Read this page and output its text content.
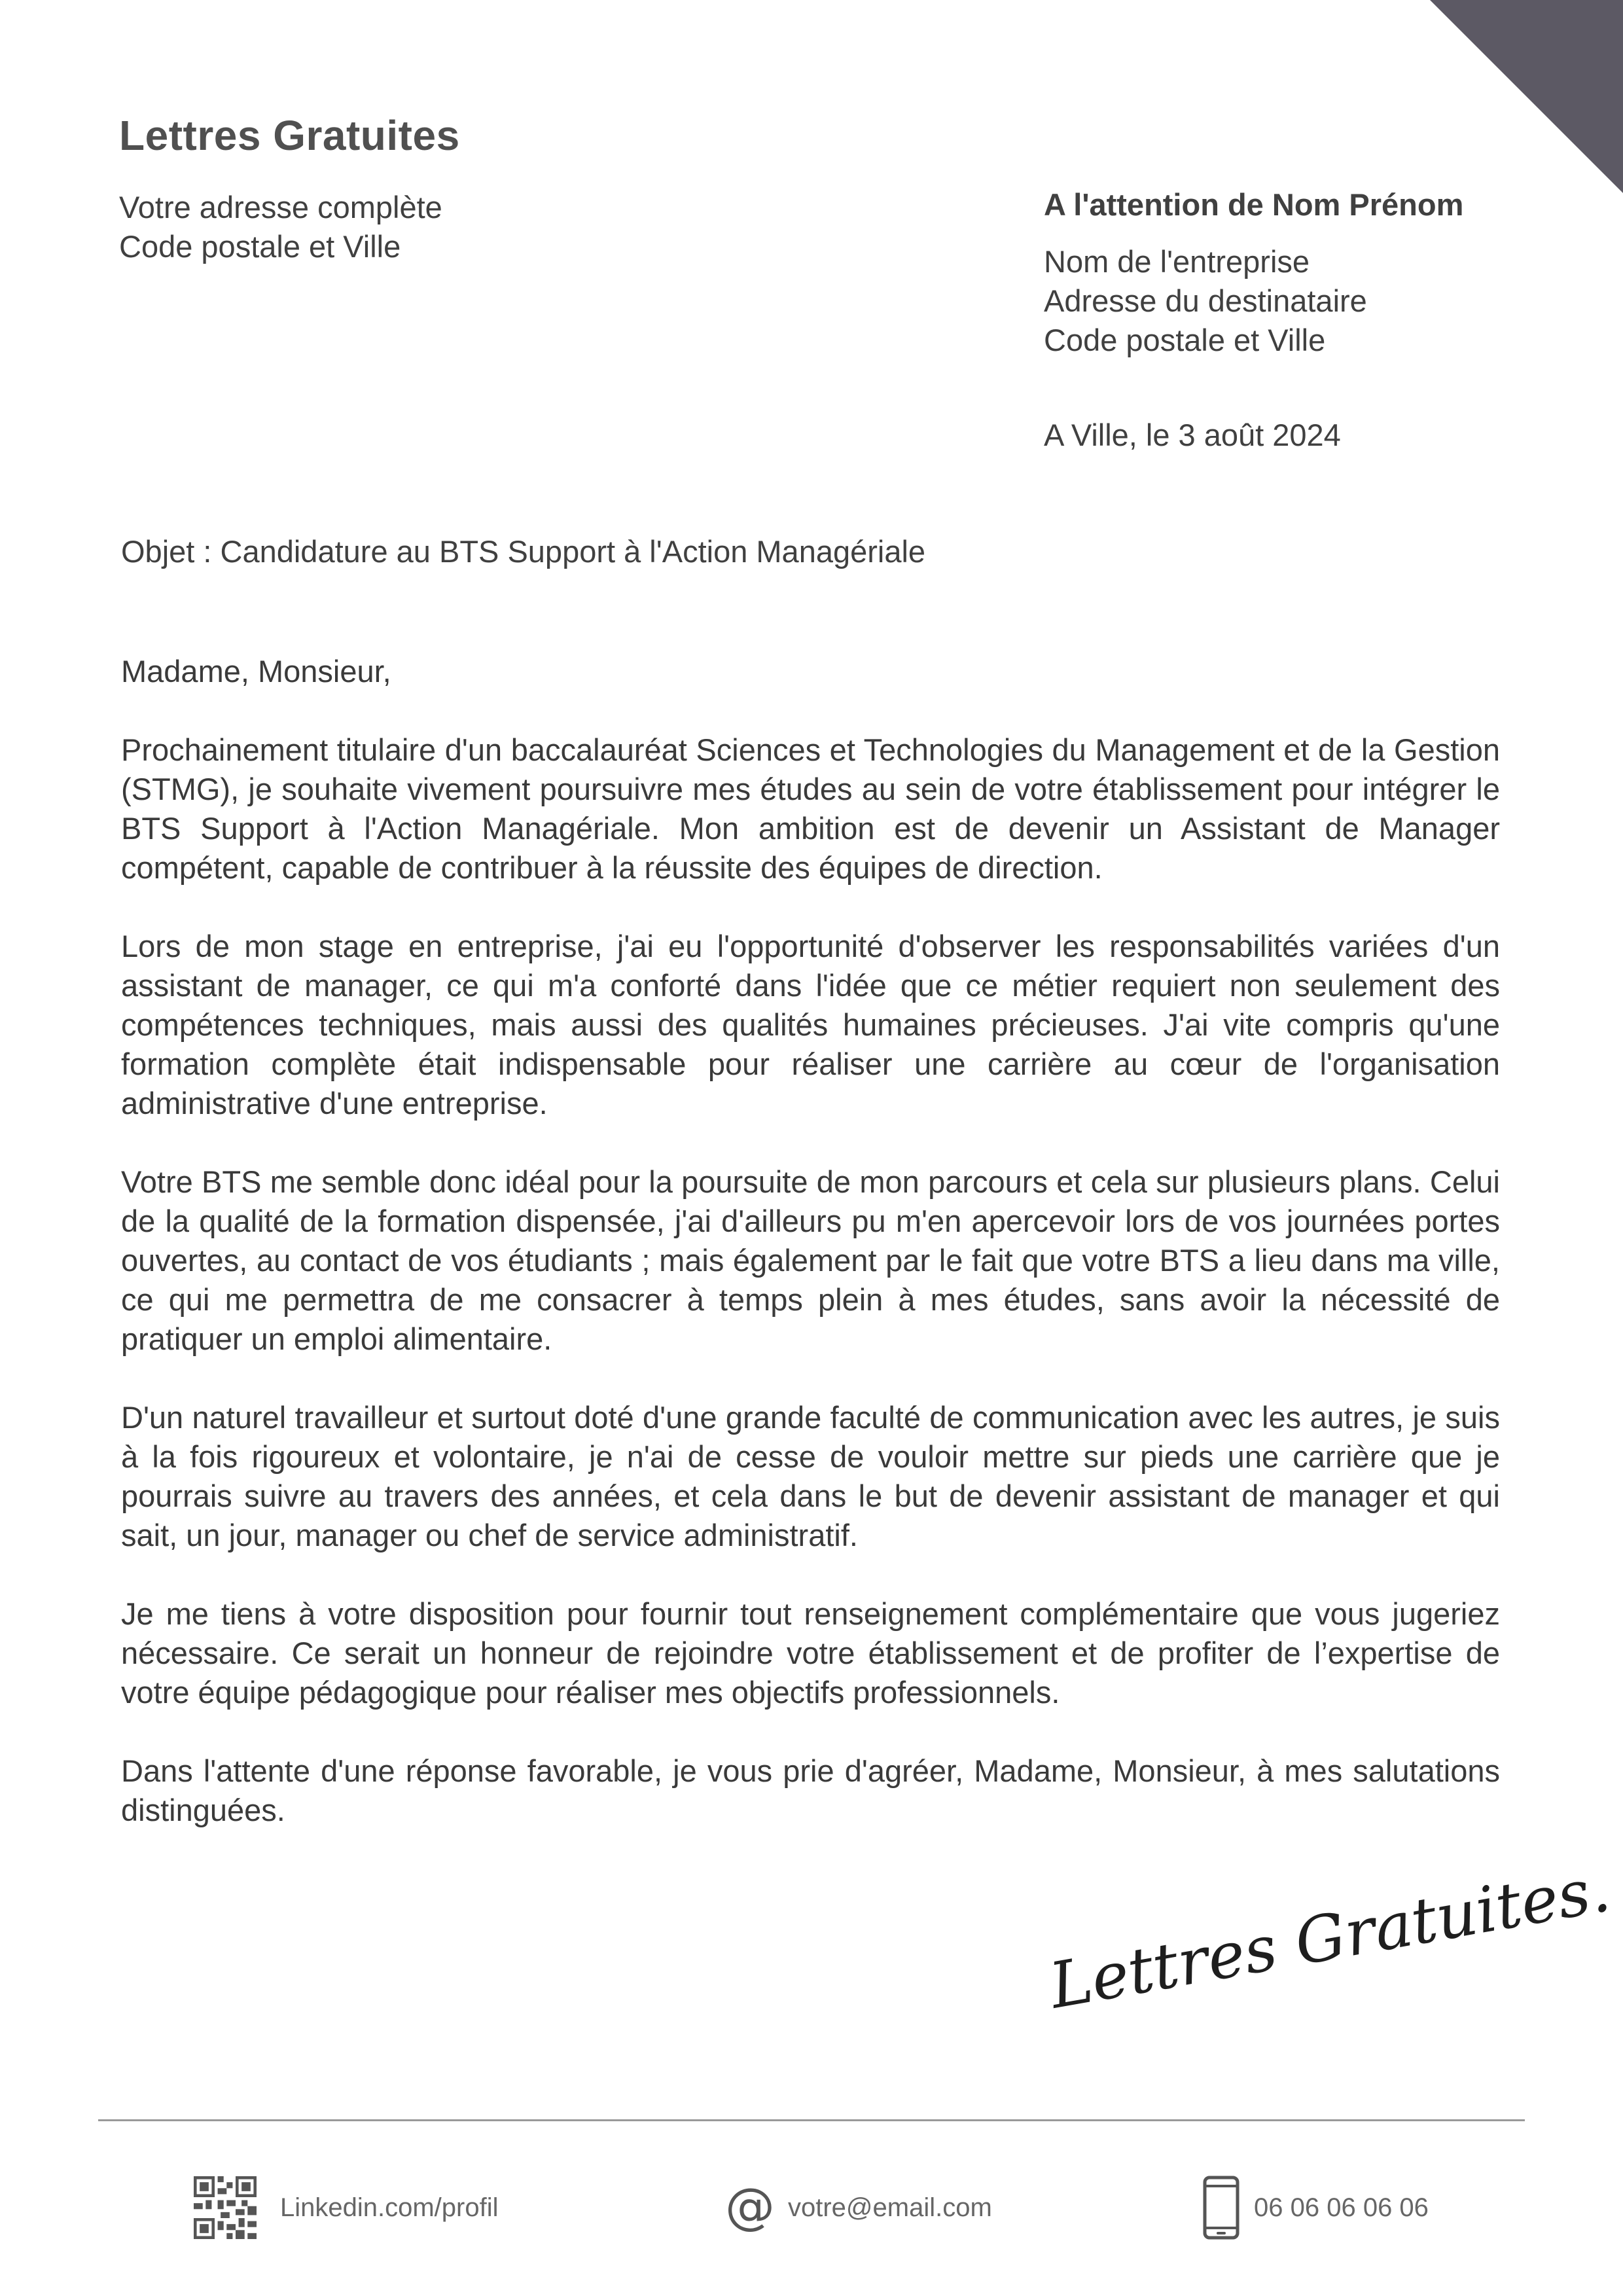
Lettres Gratuites
Votre adresse complète
Code postale et Ville
A l'attention de Nom Prénom
Nom de l'entreprise
Adresse du destinataire
Code postale et Ville
A Ville, le 3 août 2024
Objet : Candidature au BTS Support à l'Action Managériale

Madame, Monsieur,

Prochainement titulaire d'un baccalauréat Sciences et Technologies du Management et de la Gestion (STMG), je souhaite vivement poursuivre mes études au sein de votre établissement pour intégrer le BTS Support à l'Action Managériale. Mon ambition est de devenir un Assistant de Manager compétent, capable de contribuer à la réussite des équipes de direction.

Lors de mon stage en entreprise, j'ai eu l'opportunité d'observer les responsabilités variées d'un assistant de manager, ce qui m'a conforté dans l'idée que ce métier requiert non seulement des compétences techniques, mais aussi des qualités humaines précieuses. J'ai vite compris qu'une formation complète était indispensable pour réaliser une carrière au cœur de l'organisation administrative d'une entreprise.

Votre BTS me semble donc idéal pour la poursuite de mon parcours et cela sur plusieurs plans. Celui de la qualité de la formation dispensée, j'ai d'ailleurs pu m'en apercevoir lors de vos journées portes ouvertes, au contact de vos étudiants ; mais également par le fait que votre BTS a lieu dans ma ville, ce qui me permettra de me consacrer à temps plein à mes études, sans avoir la nécessité de pratiquer un emploi alimentaire.

D'un naturel travailleur et surtout doté d'une grande faculté de communication avec les autres, je suis à la fois rigoureux et volontaire, je n'ai de cesse de vouloir mettre sur pieds une carrière que je pourrais suivre au travers des années, et cela dans le but de devenir assistant de manager et qui sait, un jour, manager ou chef de service administratif.

Je me tiens à votre disposition pour fournir tout renseignement complémentaire que vous jugeriez nécessaire. Ce serait un honneur de rejoindre votre établissement et de profiter de l’expertise de votre équipe pédagogique pour réaliser mes objectifs professionnels.

Dans l'attente d'une réponse favorable, je vous prie d'agréer, Madame, Monsieur, à mes salutations distinguées.

Lettres Gratuites.
Linkedin.com/profil	@ votre@email.com	06 06 06 06 06
